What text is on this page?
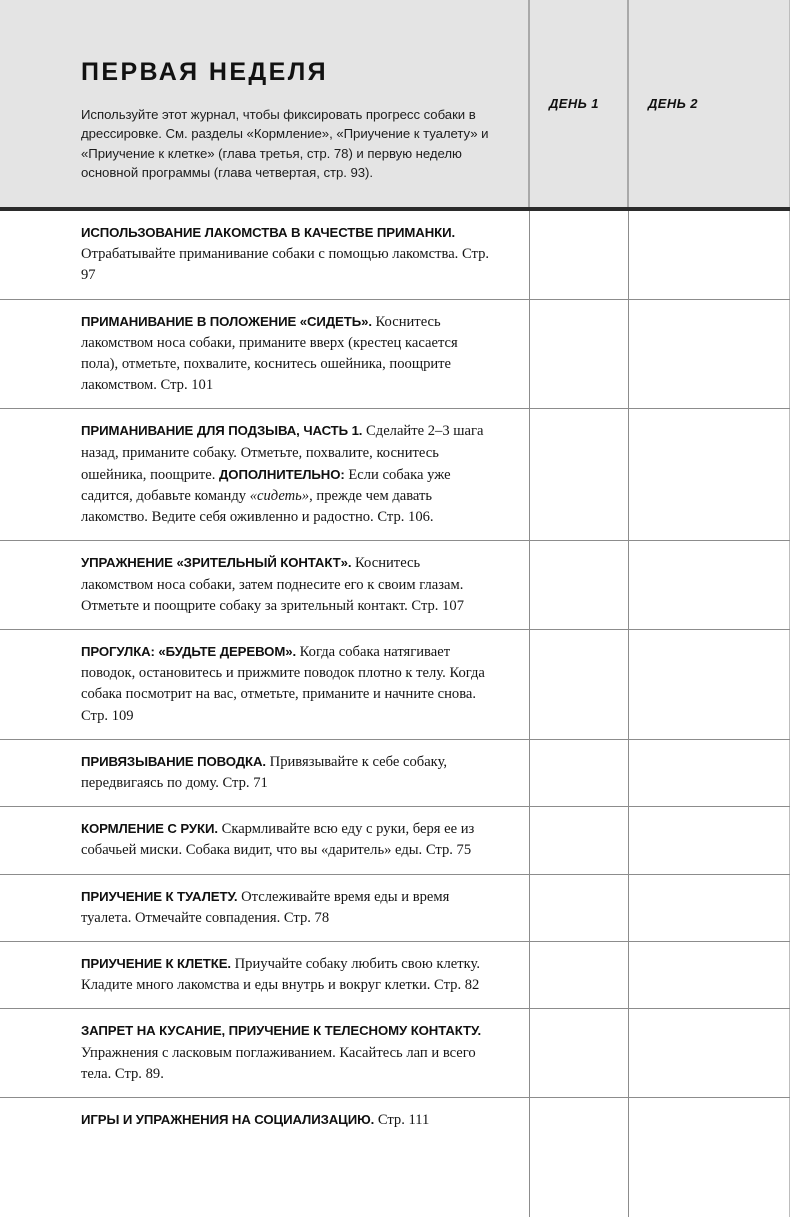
ПЕРВАЯ НЕДЕЛЯ

Используйте этот журнал, чтобы фиксировать прогресс собаки в дрессировке. См. разделы «Кормление», «Приучение к туалету» и «Приучение к клетке» (глава третья, стр. 78) и первую неделю основной программы (глава четвертая, стр. 93).

ДЕНЬ 1	ДЕНЬ 2

ИСПОЛЬЗОВАНИЕ ЛАКОМСТВА В КАЧЕСТВЕ ПРИМАНКИ. Отрабатывайте приманивание собаки с помощью лакомства. Стр. 97

ПРИМАНИВАНИЕ В ПОЛОЖЕНИЕ «СИДЕТЬ». Коснитесь лакомством носа собаки, приманите вверх (крестец касается пола), отметьте, похвалите, коснитесь ошейника, поощрите лакомством. Стр. 101

ПРИМАНИВАНИЕ ДЛЯ ПОДЗЫВА, ЧАСТЬ 1. Сделайте 2–3 шага назад, приманите собаку. Отметьте, похвалите, коснитесь ошейника, поощрите. ДОПОЛНИТЕЛЬНО: Если собака уже садится, добавьте команду «сидеть», прежде чем давать лакомство. Ведите себя оживленно и радостно. Стр. 106.

УПРАЖНЕНИЕ «ЗРИТЕЛЬНЫЙ КОНТАКТ». Коснитесь лакомством носа собаки, затем поднесите его к своим глазам. Отметьте и поощрите собаку за зрительный контакт. Стр. 107

ПРОГУЛКА: «БУДЬТЕ ДЕРЕВОМ». Когда собака натягивает поводок, остановитесь и прижмите поводок плотно к телу. Когда собака посмотрит на вас, отметьте, приманите и начните снова. Стр. 109

ПРИВЯЗЫВАНИЕ ПОВОДКА. Привязывайте к себе собаку, передвигаясь по дому. Стр. 71

КОРМЛЕНИЕ С РУКИ. Скармливайте всю еду с руки, беря ее из собачьей миски. Собака видит, что вы «даритель» еды. Стр. 75

ПРИУЧЕНИЕ К ТУАЛЕТУ. Отслеживайте время еды и время туалета. Отмечайте совпадения. Стр. 78

ПРИУЧЕНИЕ К КЛЕТКЕ. Приучайте собаку любить свою клетку. Кладите много лакомства и еды внутрь и вокруг клетки. Стр. 82

ЗАПРЕТ НА КУСАНИЕ, ПРИУЧЕНИЕ К ТЕЛЕСНОМУ КОНТАКТУ. Упражнения с ласковым поглаживанием. Касайтесь лап и всего тела. Стр. 89.

ИГРЫ И УПРАЖНЕНИЯ НА СОЦИАЛИЗАЦИЮ. Стр. 111
